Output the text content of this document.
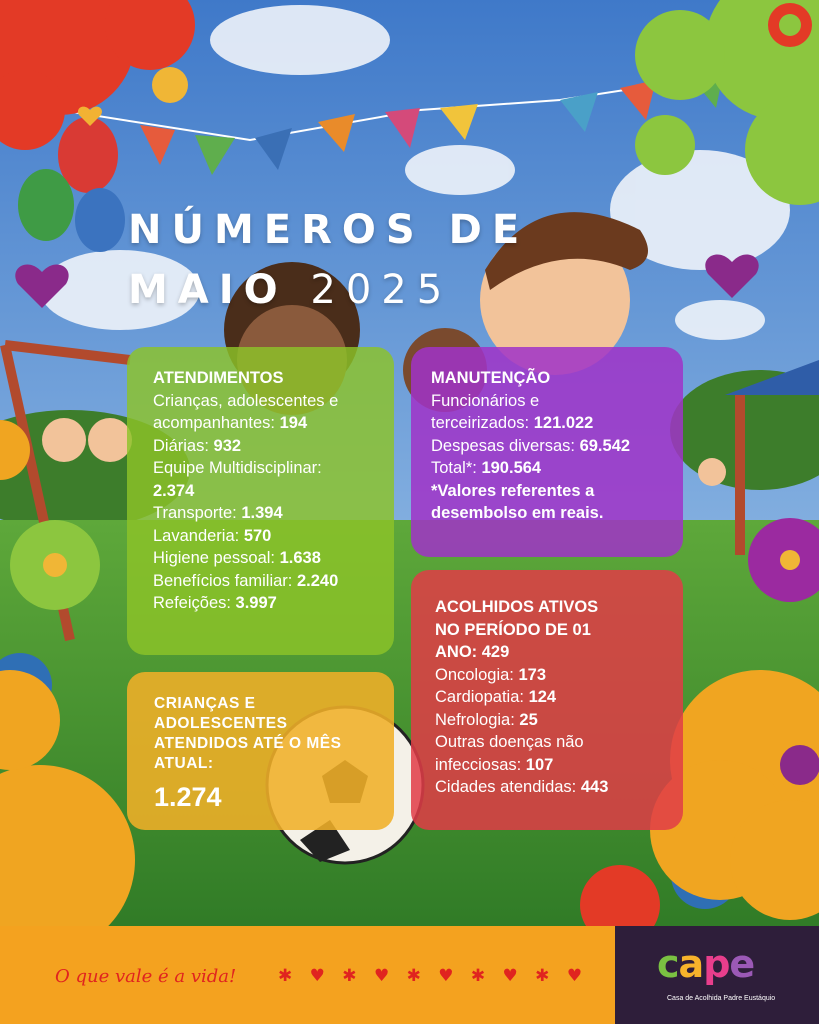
NÚMEROS DE
MAIO 2025
ATENDIMENTOS
Crianças, adolescentes e
acompanhantes: 194
Diárias: 932
Equipe Multidisciplinar:
2.374
Transporte: 1.394
Lavanderia: 570
Higiene pessoal: 1.638
Benefícios familiar: 2.240
Refeições: 3.997
MANUTENÇÃO
Funcionários e
terceirizados: 121.022
Despesas diversas: 69.542
Total*: 190.564
*Valores referentes a
desembolso em reais.
ACOLHIDOS ATIVOS
NO PERÍODO DE 01
ANO: 429
Oncologia: 173
Cardiopatia: 124
Nefrologia: 25
Outras doenças não
infecciosas: 107
Cidades atendidas: 443
CRIANÇAS E
ADOLESCENTES
ATENDIDOS ATÉ O MÊS
ATUAL:
1.274
O que vale é a vida! ✱ ♥ ✱ ♥ ✱ ♥ ✱ ♥ ✱ ♥ cape
Casa de Acolhida Padre Eustáquio
